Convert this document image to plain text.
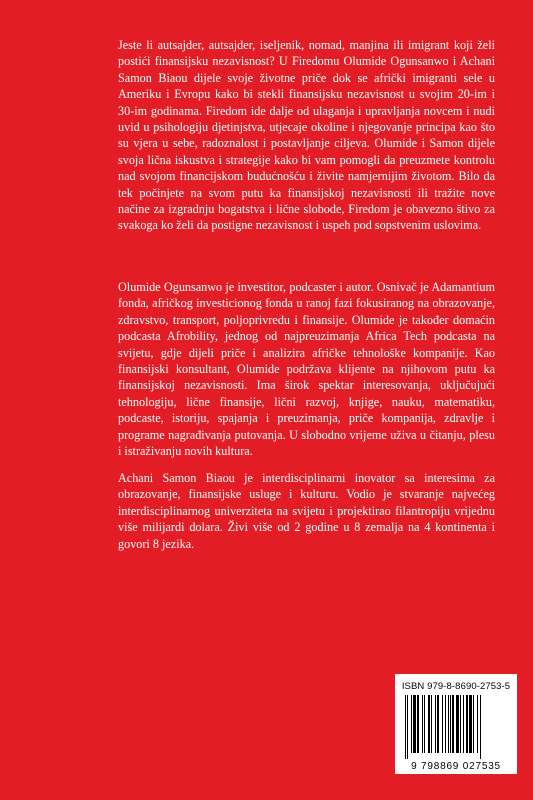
Jeste li autsajder, autsajder, iseljenik, nomad, manjina ili imigrant koji želi postići finansijsku nezavisnost? U Firedomu Olumide Ogunsanwo i Achani Samon Biaou dijele svoje životne priče dok se afrički imigranti sele u Ameriku i Evropu kako bi stekli finansijsku nezavisnost u svojim 20-im i 30-im godinama. Firedom ide dalje od ulaganja i upravljanja novcem i nudi uvid u psihologiju djetinjstva, utjecaje okoline i njegovanje principa kao što su vjera u sebe, radoznalost i postavljanje ciljeva. Olumide i Samon dijele svoja lična iskustva i strategije kako bi vam pomogli da preuzmete kontrolu nad svojom financijskom budućnošću i živite namjernijim životom. Bilo da tek počinjete na svom putu ka finansijskoj nezavisnosti ili tražite nove načine za izgradnju bogatstva i lične slobode, Firedom je obavezno štivo za svakoga ko želi da postigne nezavisnost i uspeh pod sopstvenim uslovima.

Olumide Ogunsanwo je investitor, podcaster i autor. Osnivač je Adamantium fonda, afričkog investicionog fonda u ranoj fazi fokusiranog na obrazovanje, zdravstvo, transport, poljoprivredu i finansije. Olumide je također domaćin podcasta Afrobility, jednog od najpreuzimanja Africa Tech podcasta na svijetu, gdje dijeli priče i analizira afričke tehnološke kompanije. Kao finansijski konsultant, Olumide podržava klijente na njihovom putu ka finansijskoj nezavisnosti. Ima širok spektar interesovanja, uključujući tehnologiju, lične finansije, lični razvoj, knjige, nauku, matematiku, podcaste, istoriju, spajanja i preuzimanja, priče kompanija, zdravlje i programe nagrađivanja putovanja. U slobodno vrijeme uživa u čitanju, plesu i istraživanju novih kultura.

Achani Samon Biaou je interdisciplinarni inovator sa interesima za obrazovanje, finansijske usluge i kulturu. Vodio je stvaranje najvećeg interdisciplinarnog univerziteta na svijetu i projektirao filantropiju vrijednu više milijardi dolara. Živi više od 2 godine u 8 zemalja na 4 kontinenta i govori 8 jezika.

ISBN 979-8-8690-2753-5
9 798869 027535
